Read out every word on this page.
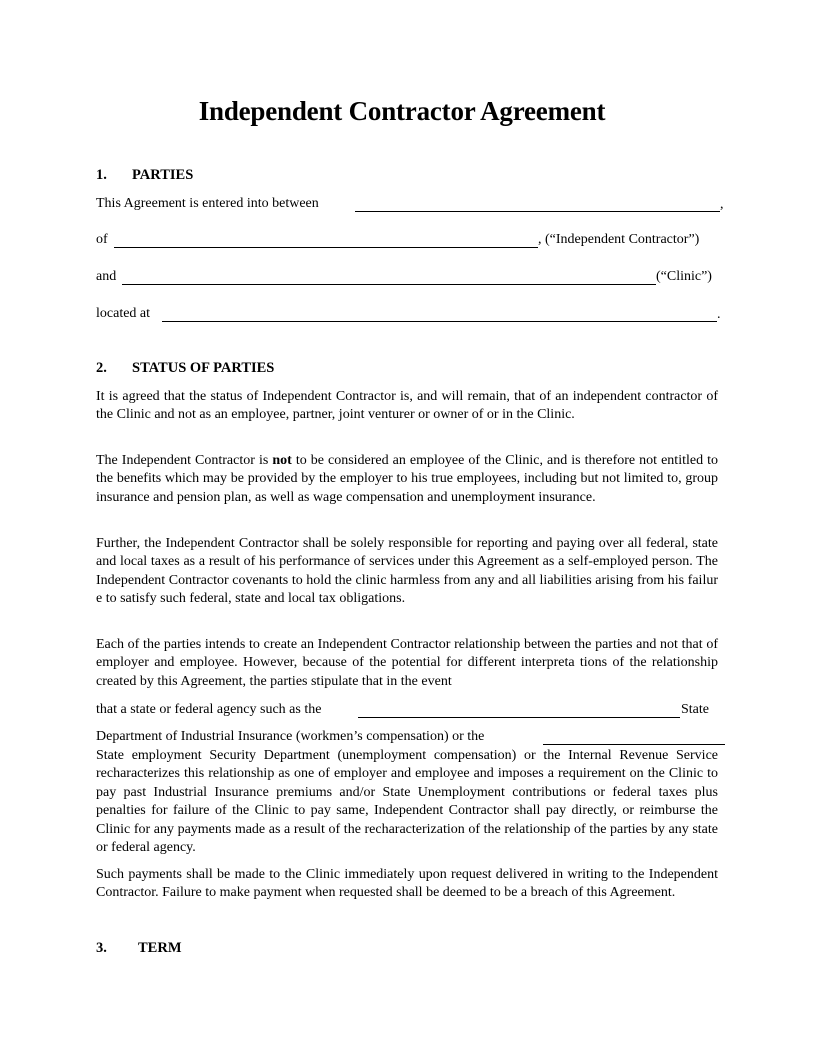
Independent Contractor Agreement
1. PARTIES
This Agreement is entered into between	,
of	, (“Independent Contractor”)
and	(“Clinic”)
located at	.
2. STATUS OF PARTIES
It is agreed that the status of Independent Contractor is, and will remain, that of an independent contractor of the Clinic and not as an employee, partner, joint venturer or owner of or in the Clinic.
The Independent Contractor is not to be considered an employee of the Clinic, and is therefore not entitled to the benefits which may be provided by the employer to his true employees, including but not limited to, group insurance and pension plan, as well as wage compensation and unemployment insurance.
Further, the Independent Contractor shall be solely responsible for reporting and paying over all federal, state and local taxes as a result of his performance of services under this Agreement as a self-employed person. The Independent Contractor covenants to hold the clinic harmless from any and all liabilities arising from his failur e to satisfy such federal, state and local tax obligations.
Each of the parties intends to create an Independent Contractor relationship between the parties and not that of employer and employee. However, because of the potential for different interpreta tions of the relationship created by this Agreement, the parties stipulate that in the event
that a state or federal agency such as the	State
Department of Industrial Insurance (workmen’s compensation) or the
State employment Security Department (unemployment compensation) or the Internal Revenue Service recharacterizes this relationship as one of employer and employee and imposes a requirement on the Clinic to pay past Industrial Insurance premiums and/or State Unemployment contributions or federal taxes plus penalties for failure of the Clinic to pay same, Independent Contractor shall pay directly, or reimburse the Clinic for any payments made as a result of the recharacterization of the relationship of the parties by any state or federal agency.
Such payments shall be made to the Clinic immediately upon request delivered in writing to the Independent Contractor. Failure to make payment when requested shall be deemed to be a breach of this Agreement.
3. TERM
